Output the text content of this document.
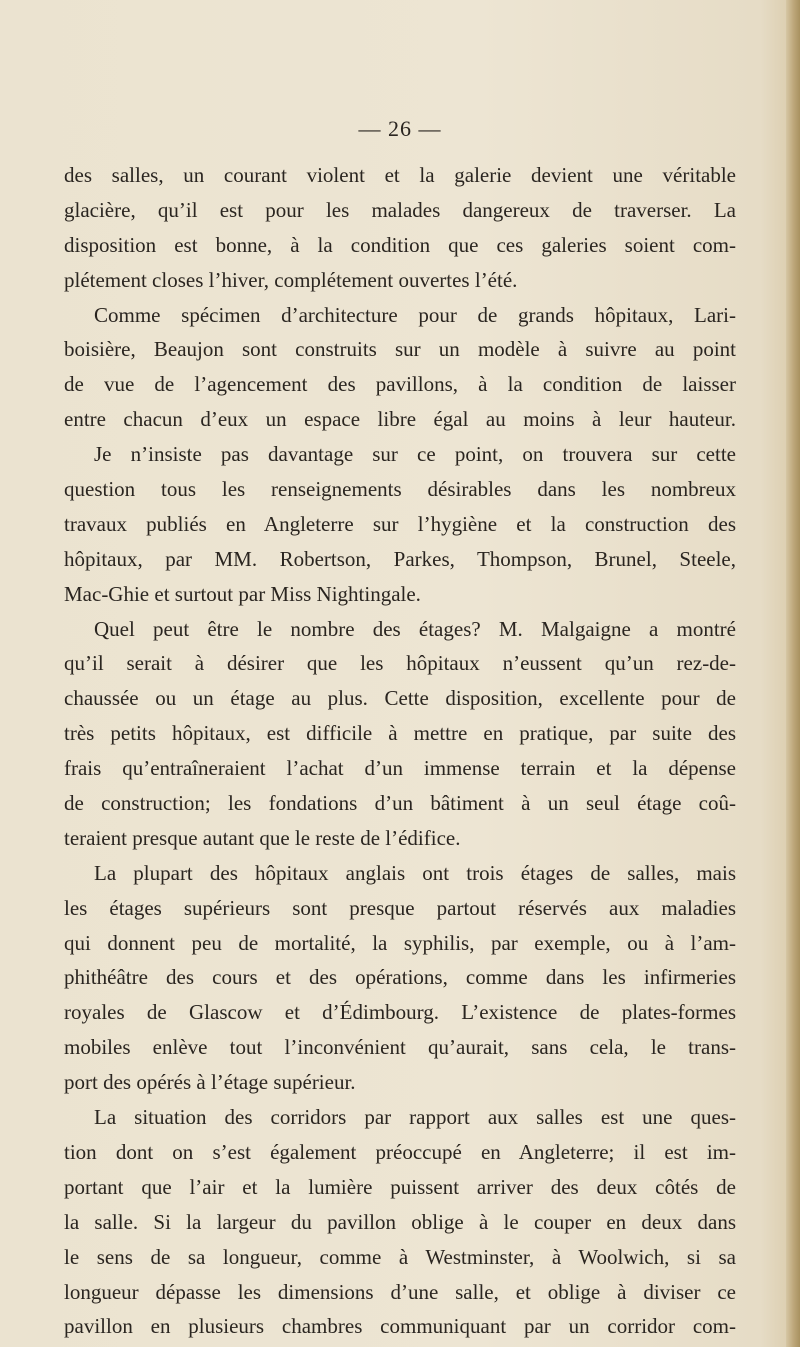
— 26 —
des salles, un courant violent et la galerie devient une véritable
glacière, qu’il est pour les malades dangereux de traverser. La
disposition est bonne, à la condition que ces galeries soient com-
plétement closes l’hiver, complétement ouvertes l’été.
Comme spécimen d’architecture pour de grands hôpitaux, Lari-
boisière, Beaujon sont construits sur un modèle à suivre au point
de vue de l’agencement des pavillons, à la condition de laisser
entre chacun d’eux un espace libre égal au moins à leur hauteur.
Je n’insiste pas davantage sur ce point, on trouvera sur cette
question tous les renseignements désirables dans les nombreux
travaux publiés en Angleterre sur l’hygiène et la construction des
hôpitaux, par MM. Robertson, Parkes, Thompson, Brunel, Steele,
Mac-Ghie et surtout par Miss Nightingale.
Quel peut être le nombre des étages? M. Malgaigne a montré
qu’il serait à désirer que les hôpitaux n’eussent qu’un rez-de-
chaussée ou un étage au plus. Cette disposition, excellente pour de
très petits hôpitaux, est difficile à mettre en pratique, par suite des
frais qu’entraîneraient l’achat d’un immense terrain et la dépense
de construction; les fondations d’un bâtiment à un seul étage coû-
teraient presque autant que le reste de l’édifice.
La plupart des hôpitaux anglais ont trois étages de salles, mais
les étages supérieurs sont presque partout réservés aux maladies
qui donnent peu de mortalité, la syphilis, par exemple, ou à l’am-
phithéâtre des cours et des opérations, comme dans les infirmeries
royales de Glascow et d’Édimbourg. L’existence de plates-formes
mobiles enlève tout l’inconvénient qu’aurait, sans cela, le trans-
port des opérés à l’étage supérieur.
La situation des corridors par rapport aux salles est une ques-
tion dont on s’est également préoccupé en Angleterre; il est im-
portant que l’air et la lumière puissent arriver des deux côtés de
la salle. Si la largeur du pavillon oblige à le couper en deux dans
le sens de sa longueur, comme à Westminster, à Woolwich, si sa
longueur dépasse les dimensions d’une salle, et oblige à diviser ce
pavillon en plusieurs chambres communiquant par un corridor com-
